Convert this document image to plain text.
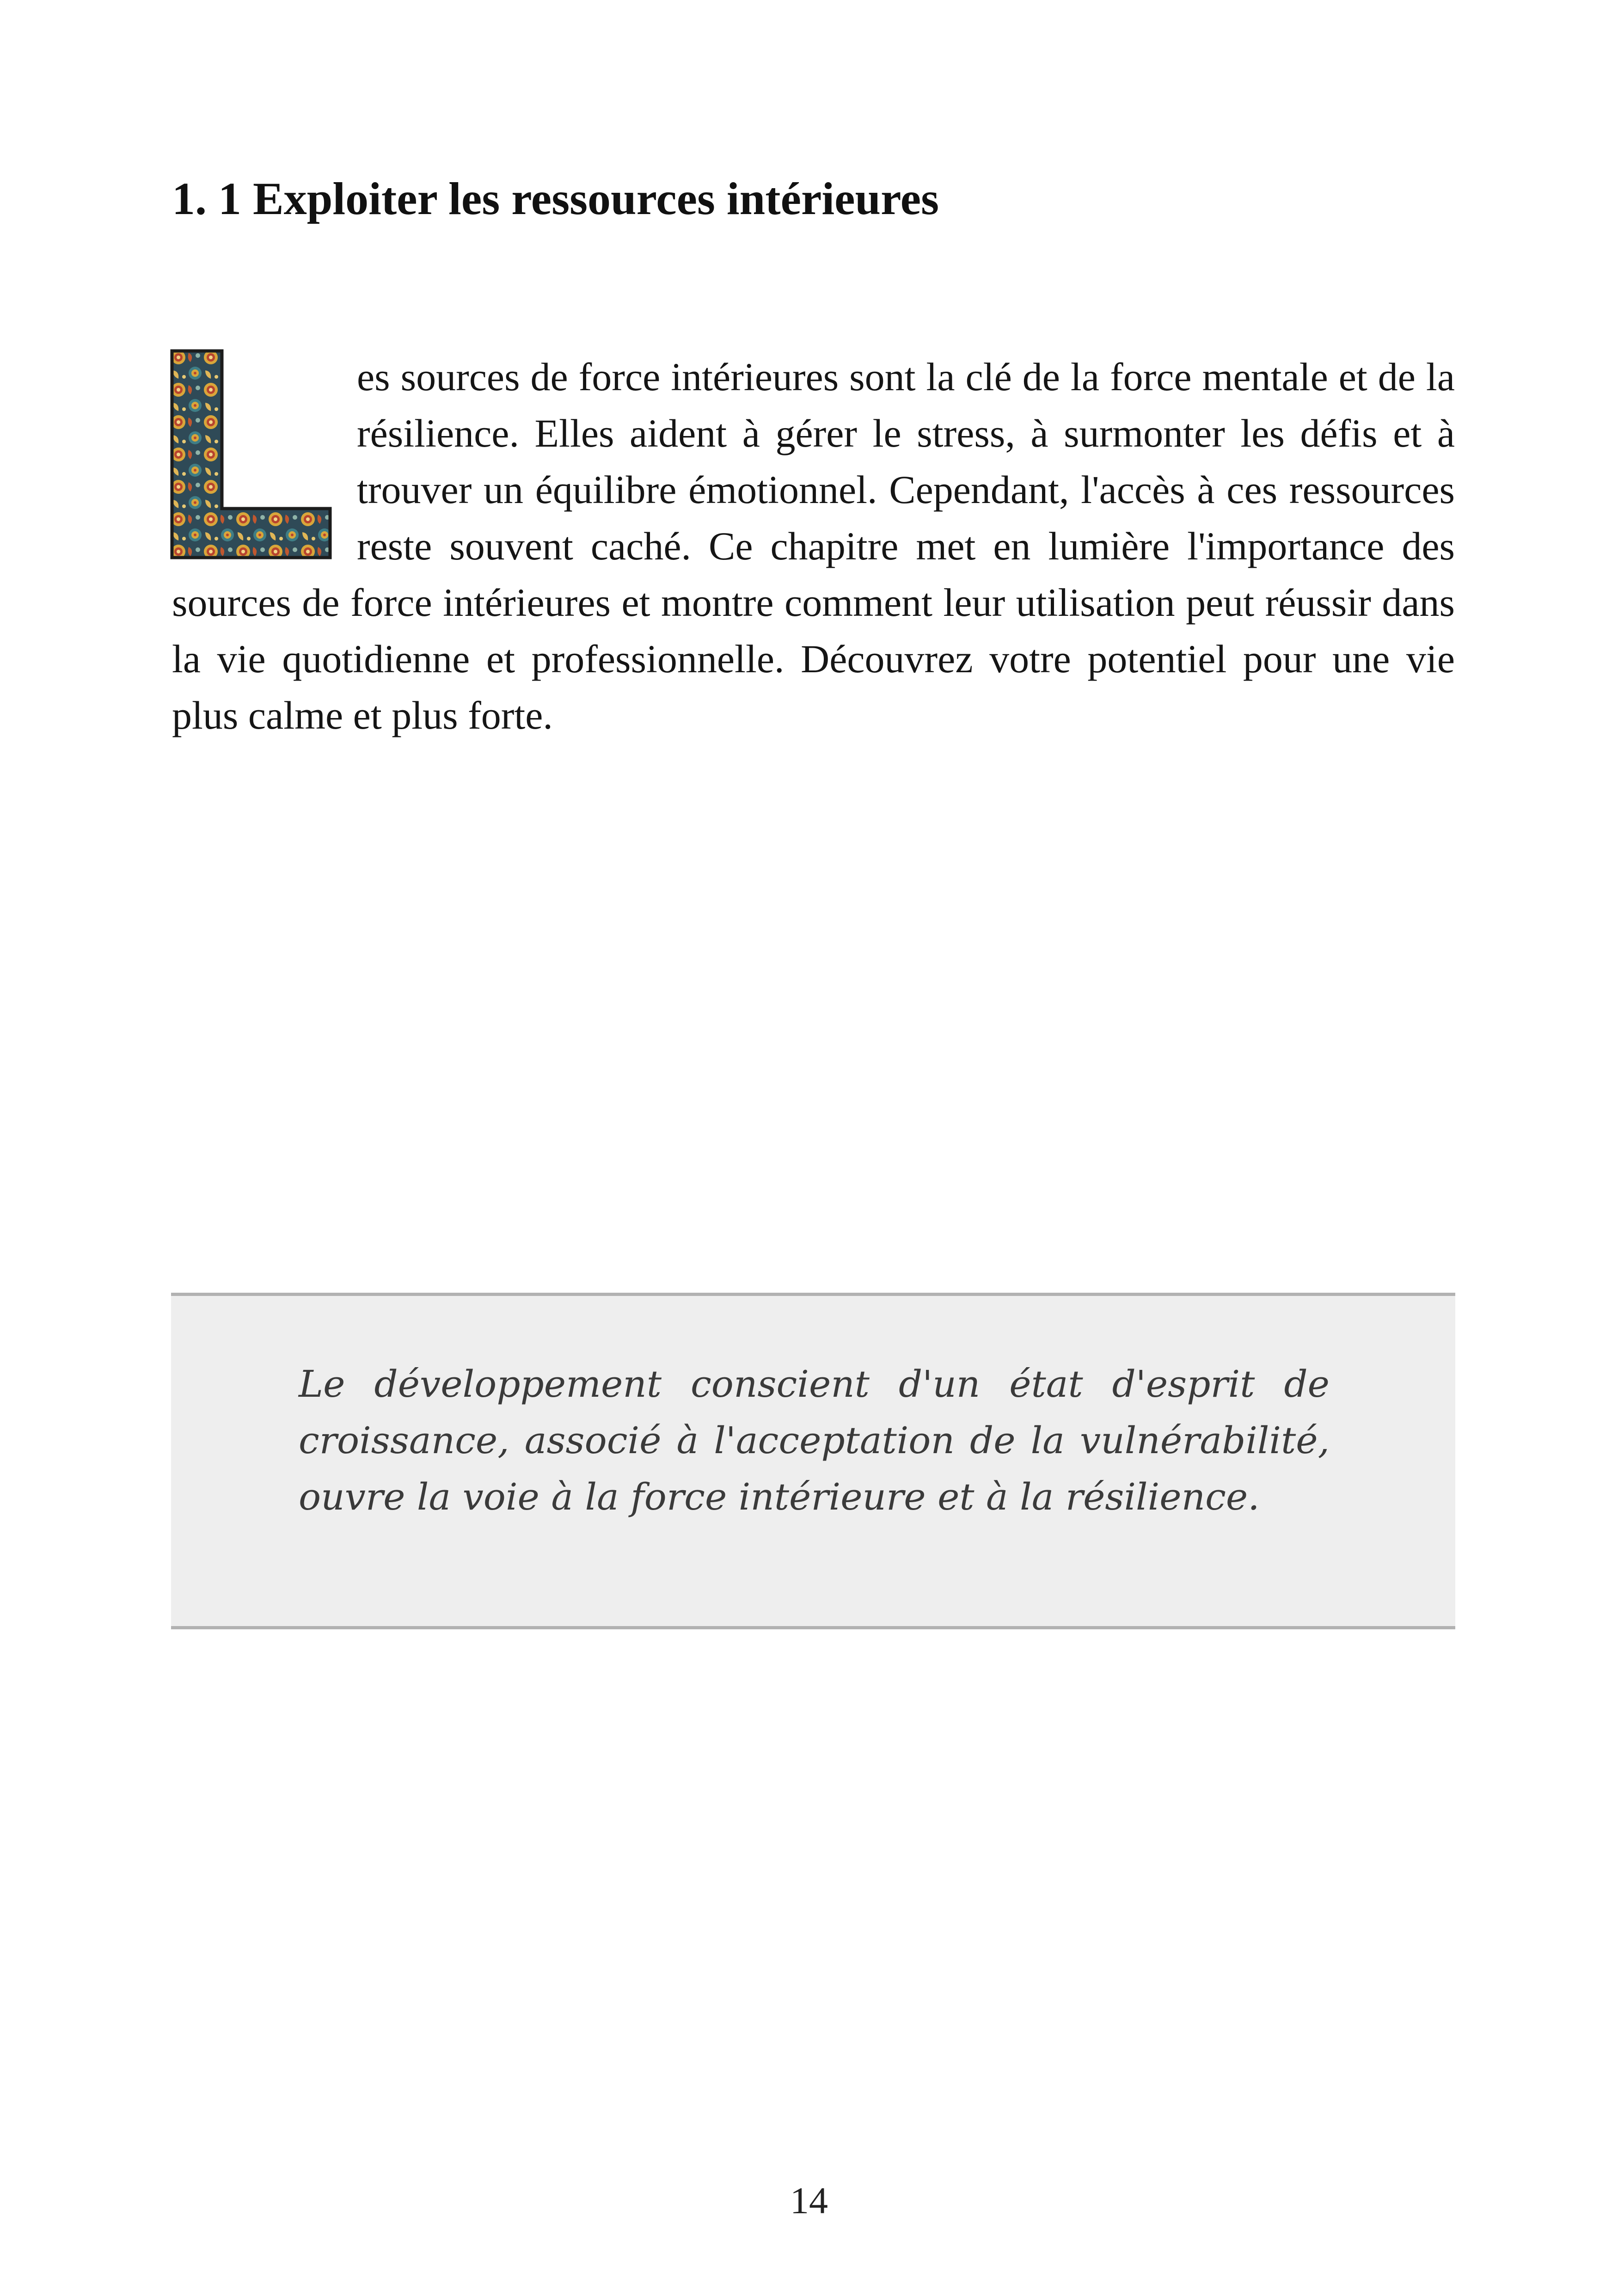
1. 1 Exploiter les ressources intérieures

es sources de force intérieures sont la clé de la force mentale et de la résilience. Elles aident à gérer le stress, à surmonter les défis et à trouver un équilibre émotionnel. Cependant, l'accès à ces ressources reste souvent caché. Ce chapitre met en lumière l'importance des sources de force intérieures et montre comment leur utilisation peut réussir dans la vie quotidienne et professionnelle. Découvrez votre potentiel pour une vie plus calme et plus forte.

Le développement conscient d'un état d'esprit de croissance, associé à l'acceptation de la vulnérabilité, ouvre la voie à la force intérieure et à la résilience.

14
